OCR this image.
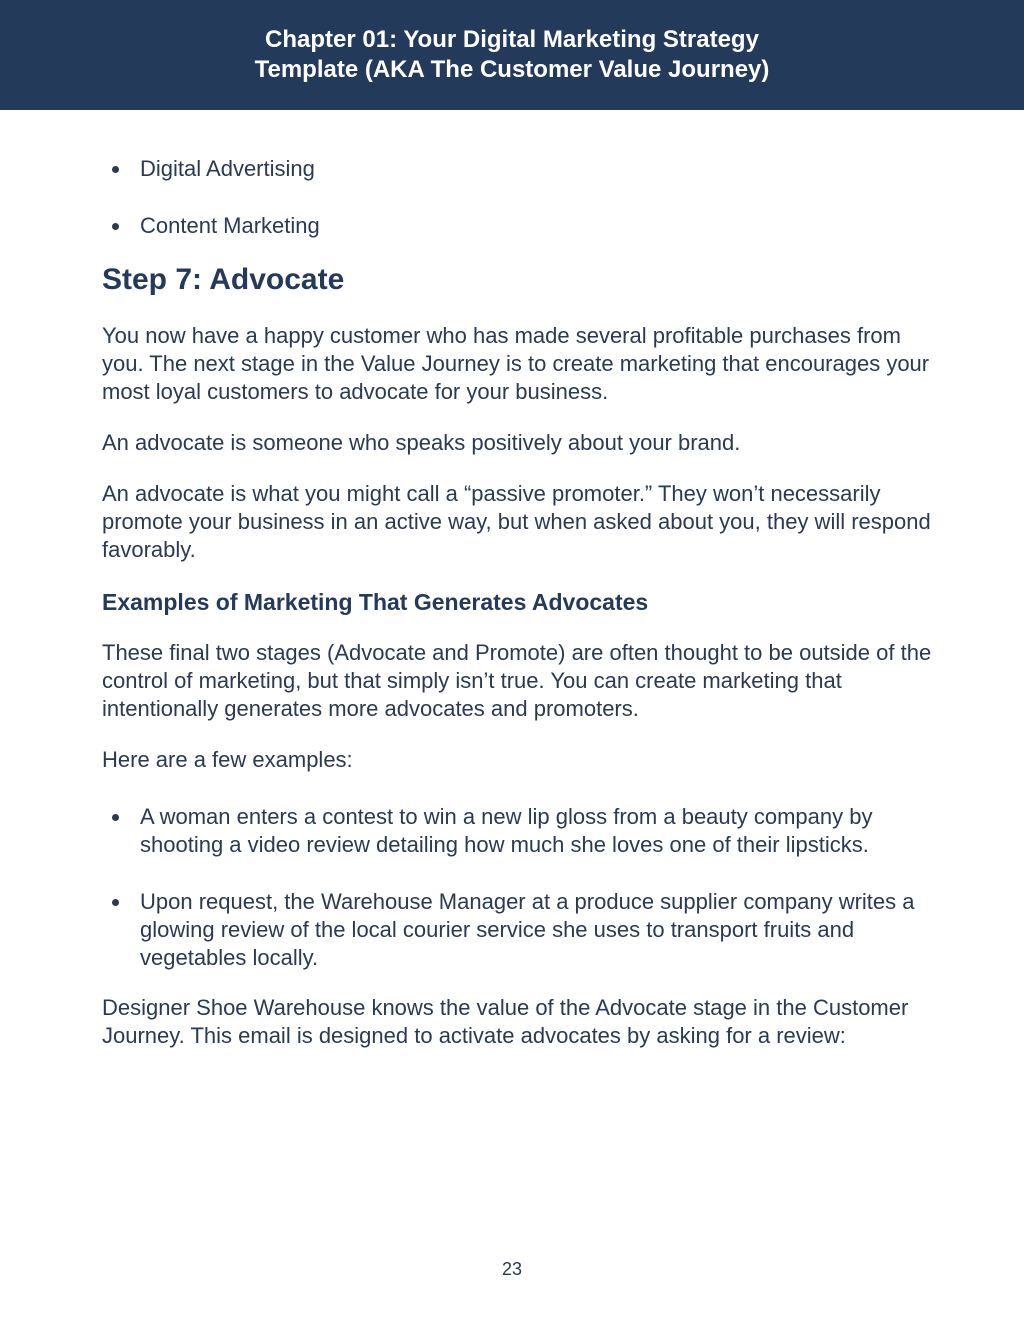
Chapter 01: Your Digital Marketing Strategy
Template (AKA The Customer Value Journey)
Digital Advertising
Content Marketing
Step 7: Advocate

You now have a happy customer who has made several profitable purchases from you. The next stage in the Value Journey is to create marketing that encourages your most loyal customers to advocate for your business.

An advocate is someone who speaks positively about your brand.

An advocate is what you might call a “passive promoter.” They won’t necessarily promote your business in an active way, but when asked about you, they will respond favorably.

Examples of Marketing That Generates Advocates

These final two stages (Advocate and Promote) are often thought to be outside of the control of marketing, but that simply isn’t true. You can create marketing that intentionally generates more advocates and promoters.

Here are a few examples:

A woman enters a contest to win a new lip gloss from a beauty company by shooting a video review detailing how much she loves one of their lipsticks.
Upon request, the Warehouse Manager at a produce supplier company writes a glowing review of the local courier service she uses to transport fruits and vegetables locally.

Designer Shoe Warehouse knows the value of the Advocate stage in the Customer Journey. This email is designed to activate advocates by asking for a review:

23
